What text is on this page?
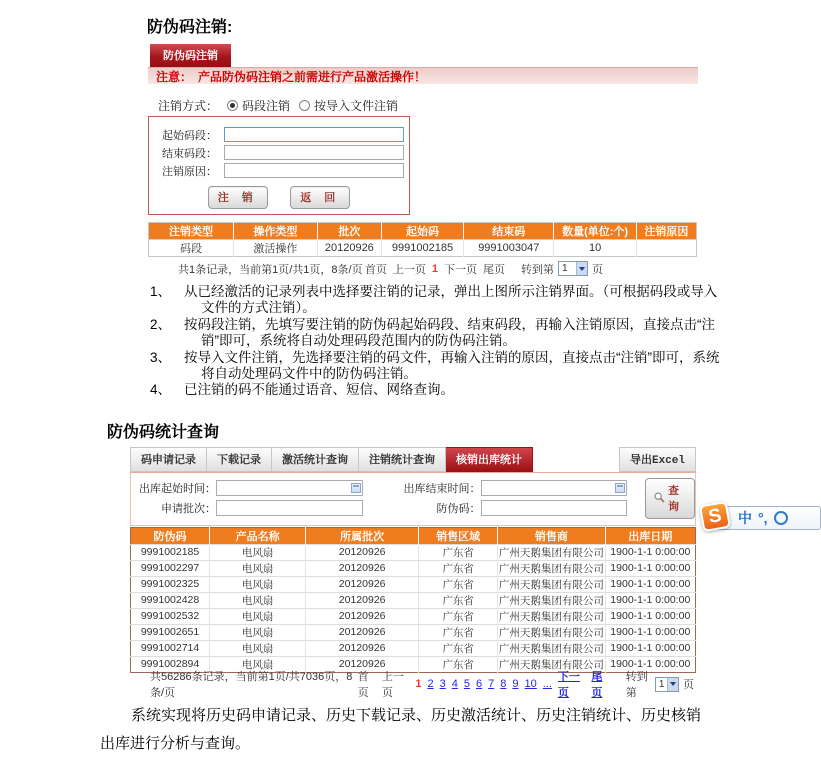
防伪码注销:
防伪码注销
注意： 产品防伪码注销之前需进行产品激活操作！
注销方式： 码段注销 按导入文件注销
起始码段：
结束码段：
注销原因：
注 销	返 回
注销类型	操作类型	批次	起始码	结束码	数量(单位:个)	注销原因
码段	激活操作	20120926	9991002185	9991003047	10	
共1条记录，当前第1页/共1页，8条/页 首页 上一页 1 下一页 尾页 转到第 1 页
1、 从已经激活的记录列表中选择要注销的记录，弹出上图所示注销界面。（可根据码段或导入文件的方式注销）。
2、 按码段注销，先填写要注销的防伪码起始码段、结束码段，再输入注销原因，直接点击“注销”即可，系统将自动处理码段范围内的防伪码注销。
3、 按导入文件注销，先选择要注销的码文件，再输入注销的原因，直接点击“注销”即可，系统将自动处理码文件中的防伪码注销。
4、 已注销的码不能通过语音、短信、网络查询。
防伪码统计查询
码申请记录	下载记录	激活统计查询	注销统计查询	核销出库统计	导出Excel
出库起始时间：	出库结束时间：
申请批次：	防伪码：
查询
防伪码	产品名称	所属批次	销售区域	销售商	出库日期
9991002185	电风扇	20120926	广东省	广州天鹅集团有限公司	1900-1-1 0:00:00
9991002297	电风扇	20120926	广东省	广州天鹅集团有限公司	1900-1-1 0:00:00
9991002325	电风扇	20120926	广东省	广州天鹅集团有限公司	1900-1-1 0:00:00
9991002428	电风扇	20120926	广东省	广州天鹅集团有限公司	1900-1-1 0:00:00
9991002532	电风扇	20120926	广东省	广州天鹅集团有限公司	1900-1-1 0:00:00
9991002651	电风扇	20120926	广东省	广州天鹅集团有限公司	1900-1-1 0:00:00
9991002714	电风扇	20120926	广东省	广州天鹅集团有限公司	1900-1-1 0:00:00
9991002894	电风扇	20120926	广东省	广州天鹅集团有限公司	1900-1-1 0:00:00
共56286条记录，当前第1页/共7036页，8条/页
首页
上一页
1 2 3 4 5 6 7 8 9 10 ...
下一页
尾页
转到第
1 页
系统实现将历史码申请记录、历史下载记录、历史激活统计、历史注销统计、历史核销出库进行分析与查询。
中 °,
S
